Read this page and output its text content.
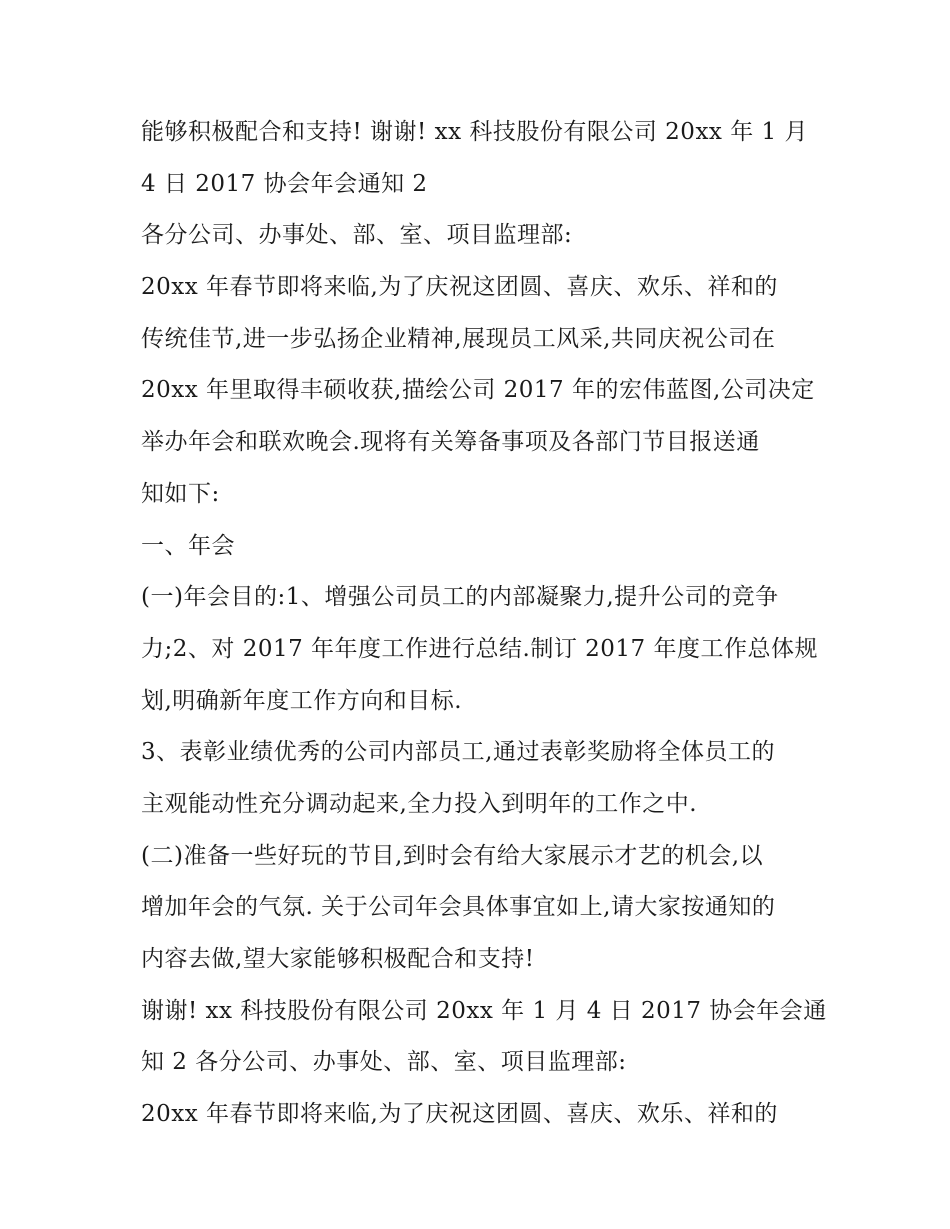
能够积极配合和支持! 谢谢! xx 科技股份有限公司 20xx 年 1 月
4 日 2017 协会年会通知 2
各分公司、办事处、部、室、项目监理部:
20xx 年春节即将来临,为了庆祝这团圆、喜庆、欢乐、祥和的
传统佳节,进一步弘扬企业精神,展现员工风采,共同庆祝公司在
20xx 年里取得丰硕收获,描绘公司 2017 年的宏伟蓝图,公司决定
举办年会和联欢晚会.现将有关筹备事项及各部门节目报送通
知如下:
一、年会
(一)年会目的:1、增强公司员工的内部凝聚力,提升公司的竞争
力;2、对 2017 年年度工作进行总结.制订 2017 年度工作总体规
划,明确新年度工作方向和目标.
3、表彰业绩优秀的公司内部员工,通过表彰奖励将全体员工的
主观能动性充分调动起来,全力投入到明年的工作之中.
(二)准备一些好玩的节目,到时会有给大家展示才艺的机会,以
增加年会的气氛. 关于公司年会具体事宜如上,请大家按通知的
内容去做,望大家能够积极配合和支持!
谢谢! xx 科技股份有限公司 20xx 年 1 月 4 日 2017 协会年会通
知 2 各分公司、办事处、部、室、项目监理部:
20xx 年春节即将来临,为了庆祝这团圆、喜庆、欢乐、祥和的
